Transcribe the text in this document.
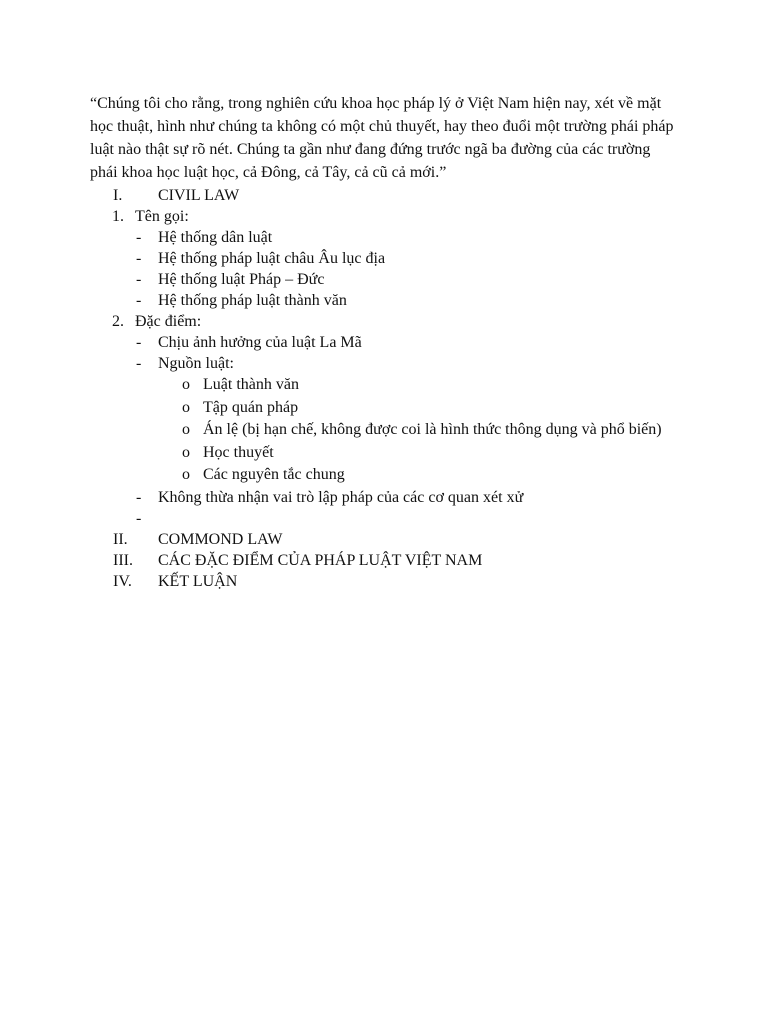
“Chúng tôi cho rằng, trong nghiên cứu khoa học pháp lý ở Việt Nam hiện nay, xét về mặt học thuật, hình như chúng ta không có một chủ thuyết, hay theo đuổi một trường phái pháp luật nào thật sự rõ nét. Chúng ta gần như đang đứng trước ngã ba đường của các trường phái khoa học luật học, cả Đông, cả Tây, cả cũ cả mới.”

I. CIVIL LAW
1. Tên gọi:
- Hệ thống dân luật
- Hệ thống pháp luật châu Âu lục địa
- Hệ thống luật Pháp – Đức
- Hệ thống pháp luật thành văn
2. Đặc điểm:
- Chịu ảnh hưởng của luật La Mã
- Nguồn luật:
o Luật thành văn
o Tập quán pháp
o Án lệ (bị hạn chế, không được coi là hình thức thông dụng và phổ biến)
o Học thuyết
o Các nguyên tắc chung
- Không thừa nhận vai trò lập pháp của các cơ quan xét xử
-
II. COMMOND LAW
III. CÁC ĐẶC ĐIỂM CỦA PHÁP LUẬT VIỆT NAM
IV. KẾT LUẬN
